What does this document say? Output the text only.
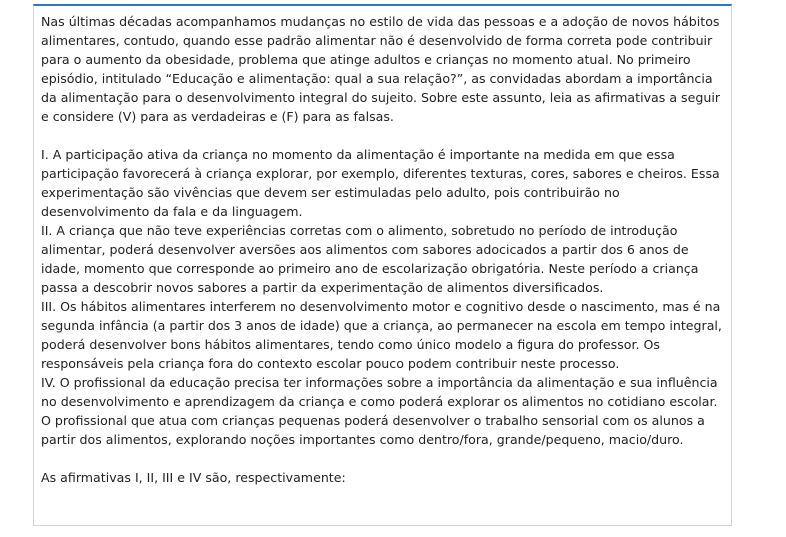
Nas últimas décadas acompanhamos mudanças no estilo de vida das pessoas e a adoção de novos hábitos alimentares, contudo, quando esse padrão alimentar não é desenvolvido de forma correta pode contribuir para o aumento da obesidade, problema que atinge adultos e crianças no momento atual. No primeiro episódio, intitulado “Educação e alimentação: qual a sua relação?”, as convidadas abordam a importância da alimentação para o desenvolvimento integral do sujeito. Sobre este assunto, leia as afirmativas a seguir e considere (V) para as verdadeiras e (F) para as falsas.

I. A participação ativa da criança no momento da alimentação é importante na medida em que essa participação favorecerá à criança explorar, por exemplo, diferentes texturas, cores, sabores e cheiros. Essa experimentação são vivências que devem ser estimuladas pelo adulto, pois contribuirão no desenvolvimento da fala e da linguagem.

II. A criança que não teve experiências corretas com o alimento, sobretudo no período de introdução alimentar, poderá desenvolver aversões aos alimentos com sabores adocicados a partir dos 6 anos de idade, momento que corresponde ao primeiro ano de escolarização obrigatória. Neste período a criança passa a descobrir novos sabores a partir da experimentação de alimentos diversificados.

III. Os hábitos alimentares interferem no desenvolvimento motor e cognitivo desde o nascimento, mas é na segunda infância (a partir dos 3 anos de idade) que a criança, ao permanecer na escola em tempo integral, poderá desenvolver bons hábitos alimentares, tendo como único modelo a figura do professor. Os responsáveis pela criança fora do contexto escolar pouco podem contribuir neste processo.

IV. O profissional da educação precisa ter informações sobre a importância da alimentação e sua influência no desenvolvimento e aprendizagem da criança e como poderá explorar os alimentos no cotidiano escolar. O profissional que atua com crianças pequenas poderá desenvolver o trabalho sensorial com os alunos a partir dos alimentos, explorando noções importantes como dentro/fora, grande/pequeno, macio/duro.

As afirmativas I, II, III e IV são, respectivamente:
